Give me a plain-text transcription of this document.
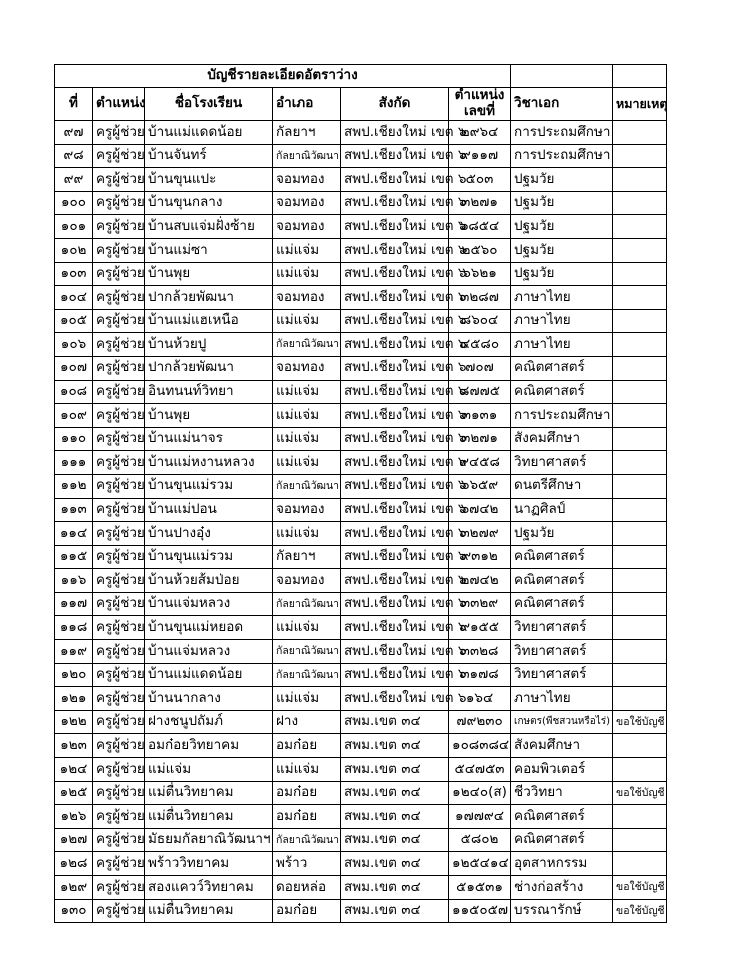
บัญชีรายละเอียดอัตราว่าง							
ที่	ตำแหน่ง	ชื่อโรงเรียน	อำเภอ	สังกัด	ตำแหน่ง เลขที่	วิชาเอก	หมายเหตุ
๙๗	ครูผู้ช่วย	บ้านแม่แดดน้อย	กัลยาฯ	สพป.เชียงใหม่ เขต ๖	๒๙๖๔	การประถมศึกษา	
๙๘	ครูผู้ช่วย	บ้านจันทร์	กัลยาณิวัฒนา	สพป.เชียงใหม่ เขต ๖	๙๑๑๗	การประถมศึกษา	
๙๙	ครูผู้ช่วย	บ้านขุนแปะ	จอมทอง	สพป.เชียงใหม่ เขต ๖	๕๐๓	ปฐมวัย	
๑๐๐	ครูผู้ช่วย	บ้านขุนกลาง	จอมทอง	สพป.เชียงใหม่ เขต ๖	๓๒๗๑	ปฐมวัย	
๑๐๑	ครูผู้ช่วย	บ้านสบแจ่มฝั่งซ้าย	จอมทอง	สพป.เชียงใหม่ เขต ๖	๖๘๕๔	ปฐมวัย	
๑๐๒	ครูผู้ช่วย	บ้านแม่ซา	แม่แจ่ม	สพป.เชียงใหม่ เขต ๖	๒๕๖๐	ปฐมวัย	
๑๐๓	ครูผู้ช่วย	บ้านพุย	แม่แจ่ม	สพป.เชียงใหม่ เขต ๖	๖๖๒๑	ปฐมวัย	
๑๐๔	ครูผู้ช่วย	ปากล้วยพัฒนา	จอมทอง	สพป.เชียงใหม่ เขต ๖	๓๒๘๗	ภาษาไทย	
๑๐๕	ครูผู้ช่วย	บ้านแม่แฮเหนือ	แม่แจ่ม	สพป.เชียงใหม่ เขต ๖	๘๖๐๔	ภาษาไทย	
๑๐๖	ครูผู้ช่วย	บ้านห้วยปู	กัลยาณิวัฒนา	สพป.เชียงใหม่ เขต ๖	๔๕๘๐	ภาษาไทย	
๑๐๗	ครูผู้ช่วย	ปากล้วยพัฒนา	จอมทอง	สพป.เชียงใหม่ เขต ๖	๗๐๗	คณิตศาสตร์	
๑๐๘	ครูผู้ช่วย	อินทนนท์วิทยา	แม่แจ่ม	สพป.เชียงใหม่ เขต ๖	๘๗๗๕	คณิตศาสตร์	
๑๐๙	ครูผู้ช่วย	บ้านพุย	แม่แจ่ม	สพป.เชียงใหม่ เขต ๖	๓๑๓๑	การประถมศึกษา	
๑๑๐	ครูผู้ช่วย	บ้านแม่นาจร	แม่แจ่ม	สพป.เชียงใหม่ เขต ๖	๓๒๗๑	สังคมศึกษา	
๑๑๑	ครูผู้ช่วย	บ้านแม่หงานหลวง	แม่แจ่ม	สพป.เชียงใหม่ เขต ๖	๙๔๕๘	วิทยาศาสตร์	
๑๑๒	ครูผู้ช่วย	บ้านขุนแม่รวม	กัลยาณิวัฒนา	สพป.เชียงใหม่ เขต ๖	๖๖๕๙	ดนตรีศึกษา	
๑๑๓	ครูผู้ช่วย	บ้านแม่ปอน	จอมทอง	สพป.เชียงใหม่ เขต ๖	๖๗๔๒	นาฏศิลป์	
๑๑๔	ครูผู้ช่วย	บ้านปางอุ๋ง	แม่แจ่ม	สพป.เชียงใหม่ เขต ๖	๓๒๗๙	ปฐมวัย	
๑๑๕	ครูผู้ช่วย	บ้านขุนแม่รวม	กัลยาฯ	สพป.เชียงใหม่ เขต ๖	๙๓๑๒	คณิตศาสตร์	
๑๑๖	ครูผู้ช่วย	บ้านห้วยส้มป่อย	จอมทอง	สพป.เชียงใหม่ เขต ๖	๒๗๔๒	คณิตศาสตร์	
๑๑๗	ครูผู้ช่วย	บ้านแจ่มหลวง	กัลยาณิวัฒนา	สพป.เชียงใหม่ เขต ๖	๓๓๒๙	คณิตศาสตร์	
๑๑๘	ครูผู้ช่วย	บ้านขุนแม่หยอด	แม่แจ่ม	สพป.เชียงใหม่ เขต ๖	๙๑๕๕	วิทยาศาสตร์	
๑๑๙	ครูผู้ช่วย	บ้านแจ่มหลวง	กัลยาณิวัฒนา	สพป.เชียงใหม่ เขต ๖	๓๓๒๘	วิทยาศาสตร์	
๑๒๐	ครูผู้ช่วย	บ้านแม่แดดน้อย	กัลยาณิวัฒนา	สพป.เชียงใหม่ เขต ๖	๓๑๗๘	วิทยาศาสตร์	
๑๒๑	ครูผู้ช่วย	บ้านนากลาง	แม่แจ่ม	สพป.เชียงใหม่ เขต ๖	๑๖๔	ภาษาไทย	
๑๒๒	ครูผู้ช่วย	ฝางชนูปถัมภ์	ฝาง	สพม.เขต ๓๔	๗๙๒๓๐	เกษตร(พืชสวนหรือไร่)	ขอใช้บัญชี
๑๒๓	ครูผู้ช่วย	อมก๋อยวิทยาคม	อมก๋อย	สพม.เขต ๓๔	๑๐๘๓๘๔	สังคมศึกษา	
๑๒๔	ครูผู้ช่วย	แม่แจ่ม	แม่แจ่ม	สพม.เขต ๓๔	๕๔๗๕๓	คอมพิวเตอร์	
๑๒๕	ครูผู้ช่วย	แม่ตื่นวิทยาคม	อมก๋อย	สพม.เขต ๓๔	๑๒๔๐(ส)	ชีววิทยา	ขอใช้บัญชี
๑๒๖	ครูผู้ช่วย	แม่ตื่นวิทยาคม	อมก๋อย	สพม.เขต ๓๔	๑๗๗๙๔	คณิตศาสตร์	
๑๒๗	ครูผู้ช่วย	มัธยมกัลยาณิวัฒนาฯ	กัลยาณิวัฒนา	สพม.เขต ๓๔	๕๘๐๒	คณิตศาสตร์	
๑๒๘	ครูผู้ช่วย	พร้าววิทยาคม	พร้าว	สพม.เขต ๓๔	๑๒๕๔๑๔	อุตสาหกรรม	
๑๒๙	ครูผู้ช่วย	สองแควว์วิทยาคม	ดอยหล่อ	สพม.เขต ๓๔	๕๑๕๓๑	ช่างก่อสร้าง	ขอใช้บัญชี
๑๓๐	ครูผู้ช่วย	แม่ตื่นวิทยาคม	อมก๋อย	สพม.เขต ๓๔	๑๑๕๐๕๗	บรรณารักษ์	ขอใช้บัญชี
